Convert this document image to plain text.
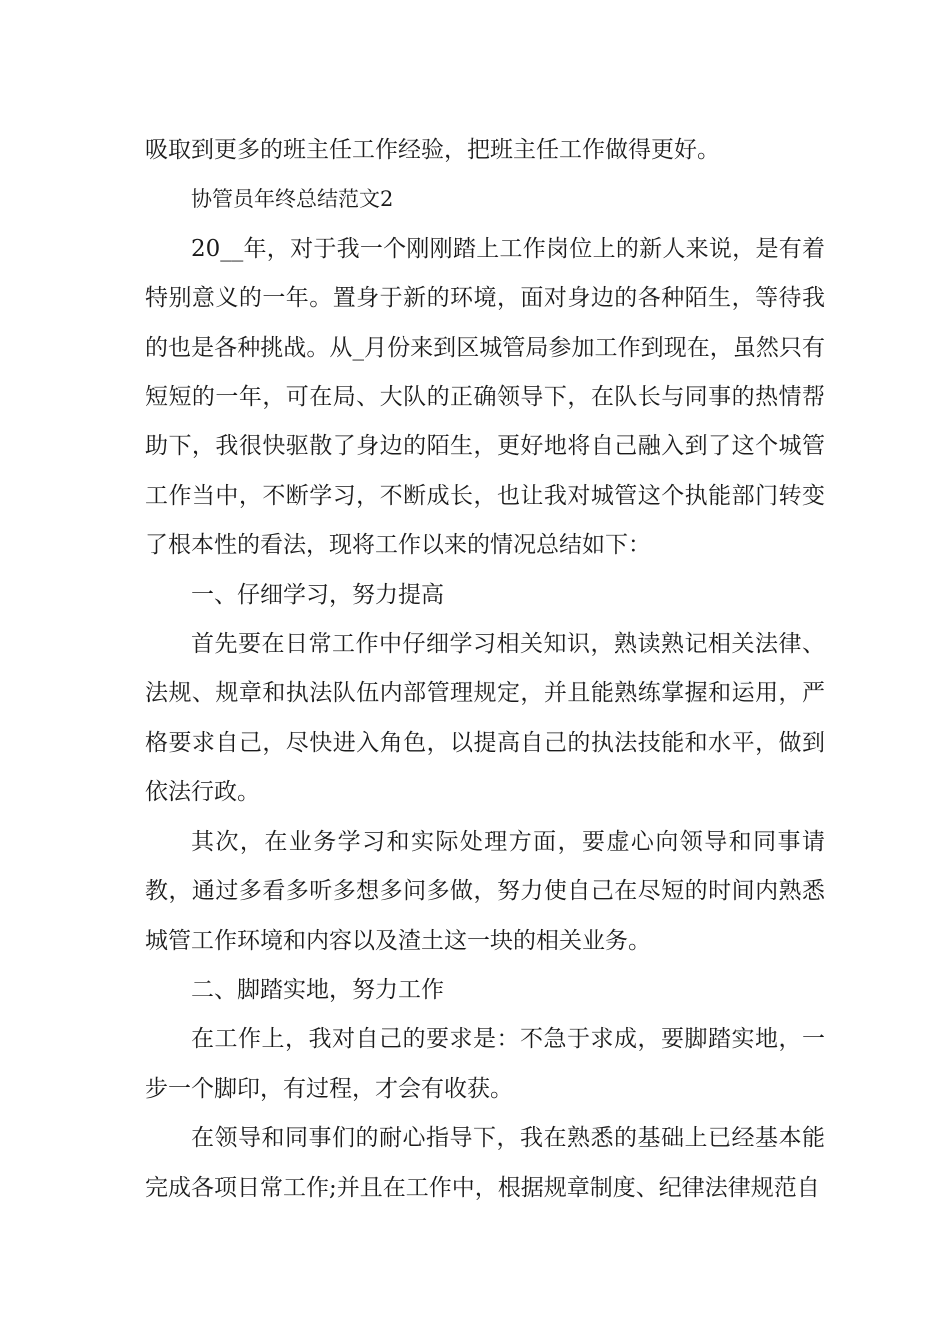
吸取到更多的班主任工作经验，把班主任工作做得更好。

协管员年终总结范文2

20__年，对于我一个刚刚踏上工作岗位上的新人来说，是有着特别意义的一年。置身于新的环境，面对身边的各种陌生，等待我的也是各种挑战。从_月份来到区城管局参加工作到现在，虽然只有短短的一年，可在局、大队的正确领导下，在队长与同事的热情帮助下，我很快驱散了身边的陌生，更好地将自己融入到了这个城管工作当中，不断学习，不断成长，也让我对城管这个执能部门转变了根本性的看法，现将工作以来的情况总结如下：

一、仔细学习，努力提高

首先要在日常工作中仔细学习相关知识，熟读熟记相关法律、法规、规章和执法队伍内部管理规定，并且能熟练掌握和运用，严格要求自己，尽快进入角色，以提高自己的执法技能和水平，做到依法行政。

其次，在业务学习和实际处理方面，要虚心向领导和同事请教，通过多看多听多想多问多做，努力使自己在尽短的时间内熟悉城管工作环境和内容以及渣土这一块的相关业务。

二、脚踏实地，努力工作

在工作上，我对自己的要求是：不急于求成，要脚踏实地，一步一个脚印，有过程，才会有收获。

在领导和同事们的耐心指导下，我在熟悉的基础上已经基本能完成各项日常工作;并且在工作中，根据规章制度、纪律法律规范自
